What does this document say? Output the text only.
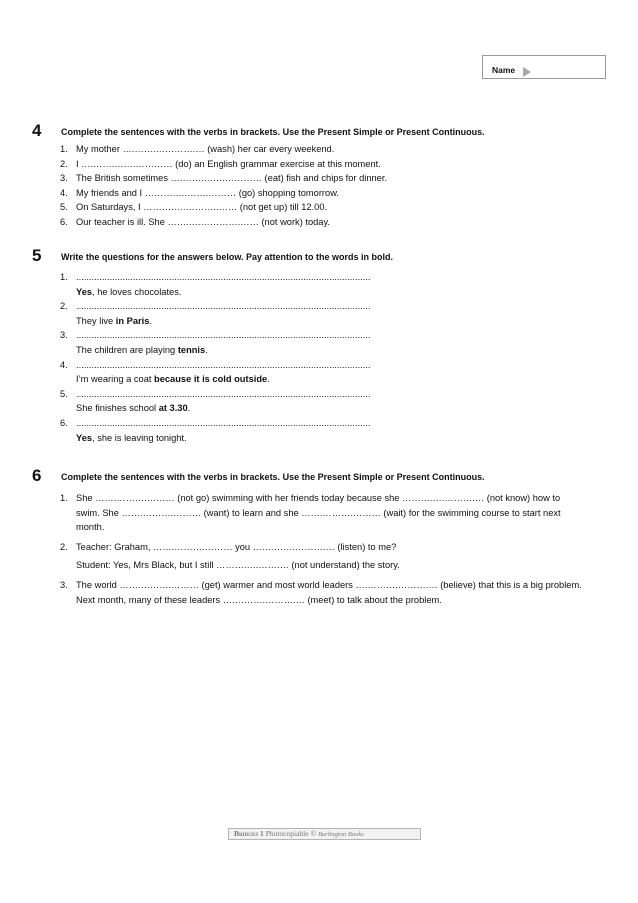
Name
4 Complete the sentences with the verbs in brackets. Use the Present Simple or Present Continuous.
1. My mother ….…….………….… (wash) her car every weekend.
2. I ….…….…….………… (do) an English grammar exercise at this moment.
3. The British sometimes ….…….…….………… (eat) fish and chips for dinner.
4. My friends and I ……….….…….……… (go) shopping tomorrow.
5. On Saturdays, I ……….….………..…… (not get up) till 12.00.
6. Our teacher is ill. She …….….………….…… (not work) today.
5 Write the questions for the answers below. Pay attention to the words in bold.
1. ..................................................................................................................
Yes, he loves chocolates.
2. ..................................................................................................................
They live in Paris.
3. ..................................................................................................................
The children are playing tennis.
4. ..................................................................................................................
I’m wearing a coat because it is cold outside.
5. ..................................................................................................................
She finishes school at 3.30.
6. ..................................................................................................................
Yes, she is leaving tonight.
6 Complete the sentences with the verbs in brackets. Use the Present Simple or Present Continuous.
1. She …….……….……… (not go) swimming with her friends today because she ……….….……….… (not know) how to swim. She …….……….……… (want) to learn and she …….……….……… (wait) for the swimming course to start next month.
2. Teacher: Graham, …….……….……… you ….……….……….… (listen) to me?
Student: Yes, Mrs Black, but I still ……….….…….… (not understand) the story.
3. The world …….……….……… (get) warmer and most world leaders ….……….……….… (believe) that this is a big problem. Next month, many of these leaders ….……….……….… (meet) to talk about the problem.
Bridges 1 Photocopiable © Burlington Books
